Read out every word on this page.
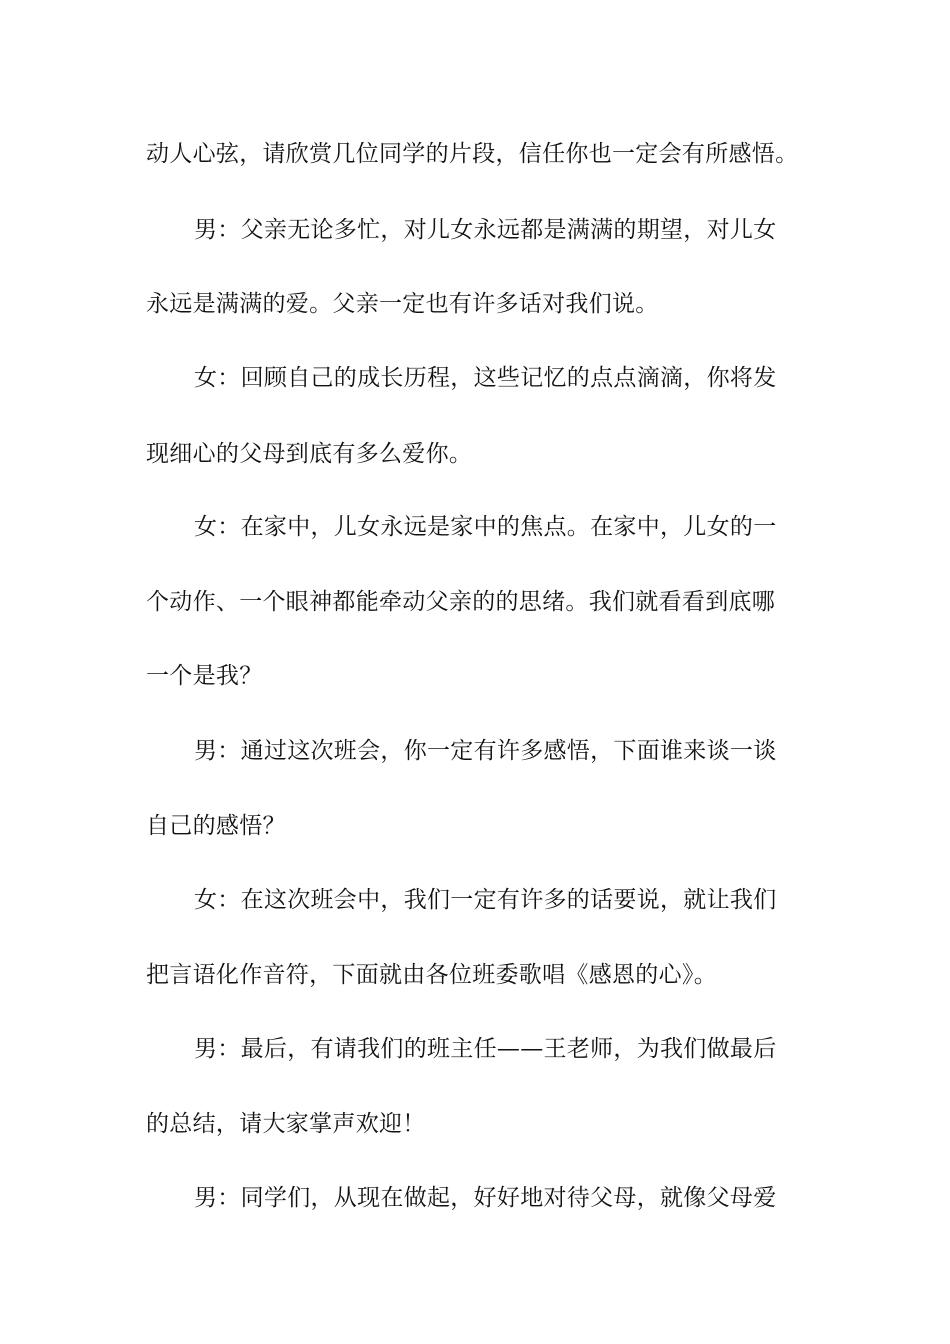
动人心弦，请欣赏几位同学的片段，信任你也一定会有所感悟。
男：父亲无论多忙，对儿女永远都是满满的期望，对儿女
永远是满满的爱。父亲一定也有许多话对我们说。
女：回顾自己的成长历程，这些记忆的点点滴滴，你将发
现细心的父母到底有多么爱你。
女：在家中，儿女永远是家中的焦点。在家中，儿女的一
个动作、一个眼神都能牵动父亲的的思绪。我们就看看到底哪
一个是我？
男：通过这次班会，你一定有许多感悟，下面谁来谈一谈
自己的感悟？
女：在这次班会中，我们一定有许多的话要说，就让我们
把言语化作音符，下面就由各位班委歌唱《感恩的心》。
男：最后，有请我们的班主任——王老师，为我们做最后
的总结，请大家掌声欢迎！
男：同学们，从现在做起，好好地对待父母，就像父母爱
